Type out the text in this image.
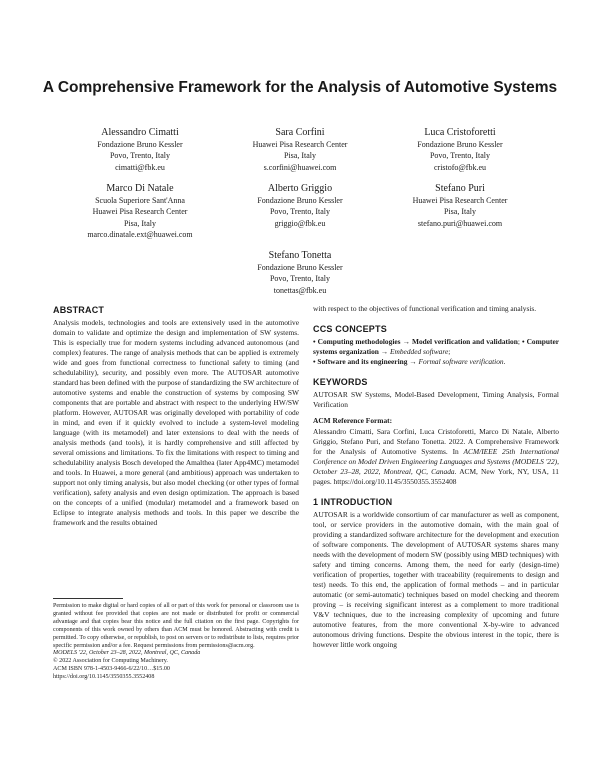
A Comprehensive Framework for the Analysis of Automotive Systems
Alessandro Cimatti
Fondazione Bruno Kessler
Povo, Trento, Italy
cimatti@fbk.eu
Sara Corfini
Huawei Pisa Research Center
Pisa, Italy
s.corfini@huawei.com
Luca Cristoforetti
Fondazione Bruno Kessler
Povo, Trento, Italy
cristofo@fbk.eu
Marco Di Natale
Scuola Superiore Sant'Anna
Huawei Pisa Research Center
Pisa, Italy
marco.dinatale.ext@huawei.com
Alberto Griggio
Fondazione Bruno Kessler
Povo, Trento, Italy
griggio@fbk.eu
Stefano Puri
Huawei Pisa Research Center
Pisa, Italy
stefano.puri@huawei.com
Stefano Tonetta
Fondazione Bruno Kessler
Povo, Trento, Italy
tonettas@fbk.eu
ABSTRACT

Analysis models, technologies and tools are extensively used in the automotive domain to validate and optimize the design and implementation of SW systems. This is especially true for modern systems including advanced autonomous (and complex) features. The range of analysis methods that can be applied is extremely wide and goes from functional correctness to functional safety to timing (and schedulability), security, and possibly even more. The AUTOSAR automotive standard has been defined with the purpose of standardizing the SW architecture of automotive systems and enable the construction of systems by composing SW components that are portable and abstract with respect to the underlying HW/SW platform. However, AUTOSAR was originally developed with portability of code in mind, and even if it quickly evolved to include a system-level modeling language (with its metamodel) and later extensions to deal with the needs of analysis methods (and tools), it is hardly comprehensive and still affected by several omissions and limitations. To fix the limitations with respect to timing and schedulability analysis Bosch developed the Amalthea (later App4MC) metamodel and tools. In Huawei, a more general (and ambitious) approach was undertaken to support not only timing analysis, but also model checking (or other types of formal verification), safety analysis and even design optimization. The approach is based on the concepts of a unified (modular) metamodel and a framework based on Eclipse to integrate analysis methods and tools. In this paper we describe the framework and the results obtained

Permission to make digital or hard copies of all or part of this work for personal or classroom use is granted without fee provided that copies are not made or distributed for profit or commercial advantage and that copies bear this notice and the full citation on the first page. Copyrights for components of this work owned by others than ACM must be honored. Abstracting with credit is permitted. To copy otherwise, or republish, to post on servers or to redistribute to lists, requires prior specific permission and/or a fee. Request permissions from permissions@acm.org.

MODELS '22, October 23–28, 2022, Montreal, QC, Canada
© 2022 Association for Computing Machinery.
ACM ISBN 978-1-4503-9466-6/22/10…$15.00
https://doi.org/10.1145/3550355.3552408

with respect to the objectives of functional verification and timing analysis.

CCS CONCEPTS

• Computing methodologies → Model verification and validation; • Computer systems organization → Embedded software;
• Software and its engineering → Formal software verification.

KEYWORDS

AUTOSAR SW Systems, Model-Based Development, Timing Analysis, Formal Verification

ACM Reference Format:

Alessandro Cimatti, Sara Corfini, Luca Cristoforetti, Marco Di Natale, Alberto Griggio, Stefano Puri, and Stefano Tonetta. 2022. A Comprehensive Framework for the Analysis of Automotive Systems. In ACM/IEEE 25th International Conference on Model Driven Engineering Languages and Systems (MODELS '22), October 23–28, 2022, Montreal, QC, Canada. ACM, New York, NY, USA, 11 pages. https://doi.org/10.1145/3550355.3552408

1 INTRODUCTION

AUTOSAR is a worldwide consortium of car manufacturer as well as component, tool, or service providers in the automotive domain, with the main goal of providing a standardized software architecture for the development and execution of software components. The development of AUTOSAR systems shares many needs with the development of modern SW (possibly using MBD techniques) with safety and timing concerns. Among them, the need for early (design-time) verification of properties, together with traceability (requirements to design and test) needs. To this end, the application of formal methods – and in particular automatic (or semi-automatic) techniques based on model checking and theorem proving – is receiving significant interest as a complement to more traditional V&V techniques, due to the increasing complexity of upcoming and future automotive features, from the more conventional X-by-wire to advanced autonomous driving functions. Despite the obvious interest in the topic, there is however little work ongoing
